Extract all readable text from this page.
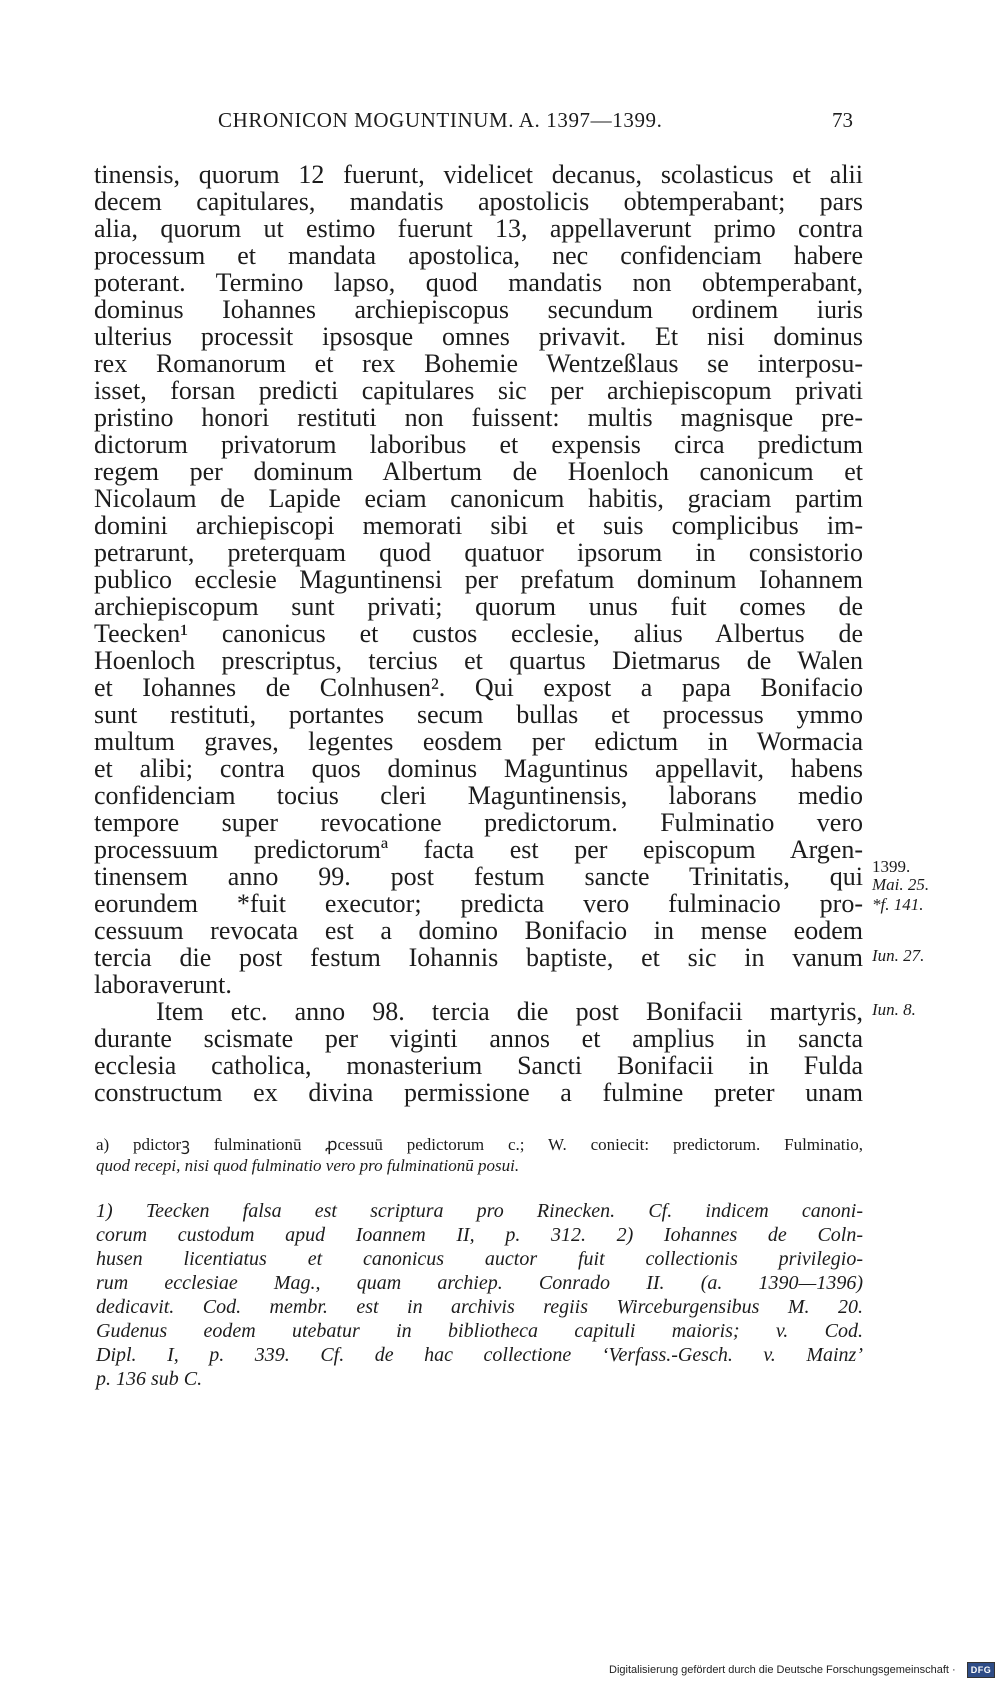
CHRONICON MOGUNTINUM. A. 1397—1399.	73
tinensis, quorum 12 fuerunt, videlicet decanus, scolasticus et alii
decem capitulares, mandatis apostolicis obtemperabant; pars
alia, quorum ut estimo fuerunt 13, appellaverunt primo contra
processum et mandata apostolica, nec confidenciam habere
poterant. Termino lapso, quod mandatis non obtemperabant,
dominus Iohannes archiepiscopus secundum ordinem iuris
ulterius processit ipsosque omnes privavit. Et nisi dominus
rex Romanorum et rex Bohemie Wentzeßlaus se interposu-
isset, forsan predicti capitulares sic per archiepiscopum privati
pristino honori restituti non fuissent: multis magnisque pre-
dictorum privatorum laboribus et expensis circa predictum
regem per dominum Albertum de Hoenloch canonicum et
Nicolaum de Lapide eciam canonicum habitis, graciam partim
domini archiepiscopi memorati sibi et suis complicibus im-
petrarunt, preterquam quod quatuor ipsorum in consistorio
publico ecclesie Maguntinensi per prefatum dominum Iohannem
archiepiscopum sunt privati; quorum unus fuit comes de
Teecken¹ canonicus et custos ecclesie, alius Albertus de
Hoenloch prescriptus, tercius et quartus Dietmarus de Walen
et Iohannes de Colnhusen². Qui expost a papa Bonifacio
sunt restituti, portantes secum bullas et processus ymmo
multum graves, legentes eosdem per edictum in Wormacia
et alibi; contra quos dominus Maguntinus appellavit, habens
confidenciam tocius cleri Maguntinensis, laborans medio
tempore super revocatione predictorum. Fulminatio vero
processuum predictorumª facta est per episcopum Argen-
tinensem anno 99. post festum sancte Trinitatis, qui
eorundem *fuit executor; predicta vero fulminacio pro-
cessuum revocata est a domino Bonifacio in mense eodem
tercia die post festum Iohannis baptiste, et sic in vanum
laboraverunt.
Item etc. anno 98. tercia die post Bonifacii martyris,
durante scismate per viginti annos et amplius in sancta
ecclesia catholica, monasterium Sancti Bonifacii in Fulda
constructum ex divina permissione a fulmine preter unam
1399.
Mai. 25.
*f. 141.
Iun. 27.
Iun. 8.
a) pdictorꝫ fulminationū ꝓcessuū pedictorum c.; W. coniecit: predictorum. Fulminatio,
quod recepi, nisi quod fulminatio vero pro fulminationū posui.
1) Teecken falsa est scriptura pro Rinecken. Cf. indicem canoni-
corum custodum apud Ioannem II, p. 312. 2) Iohannes de Coln-
husen licentiatus et canonicus auctor fuit collectionis privilegio-
rum ecclesiae Mag., quam archiep. Conrado II. (a. 1390—1396)
dedicavit. Cod. membr. est in archivis regiis Wirceburgensibus M. 20.
Gudenus eodem utebatur in bibliotheca capituli maioris; v. Cod.
Dipl. I, p. 339. Cf. de hac collectione ‘Verfass.-Gesch. v. Mainz’
p. 136 sub C.
Digitalisierung gefördert durch die Deutsche Forschungsgemeinschaft ·	DFG
